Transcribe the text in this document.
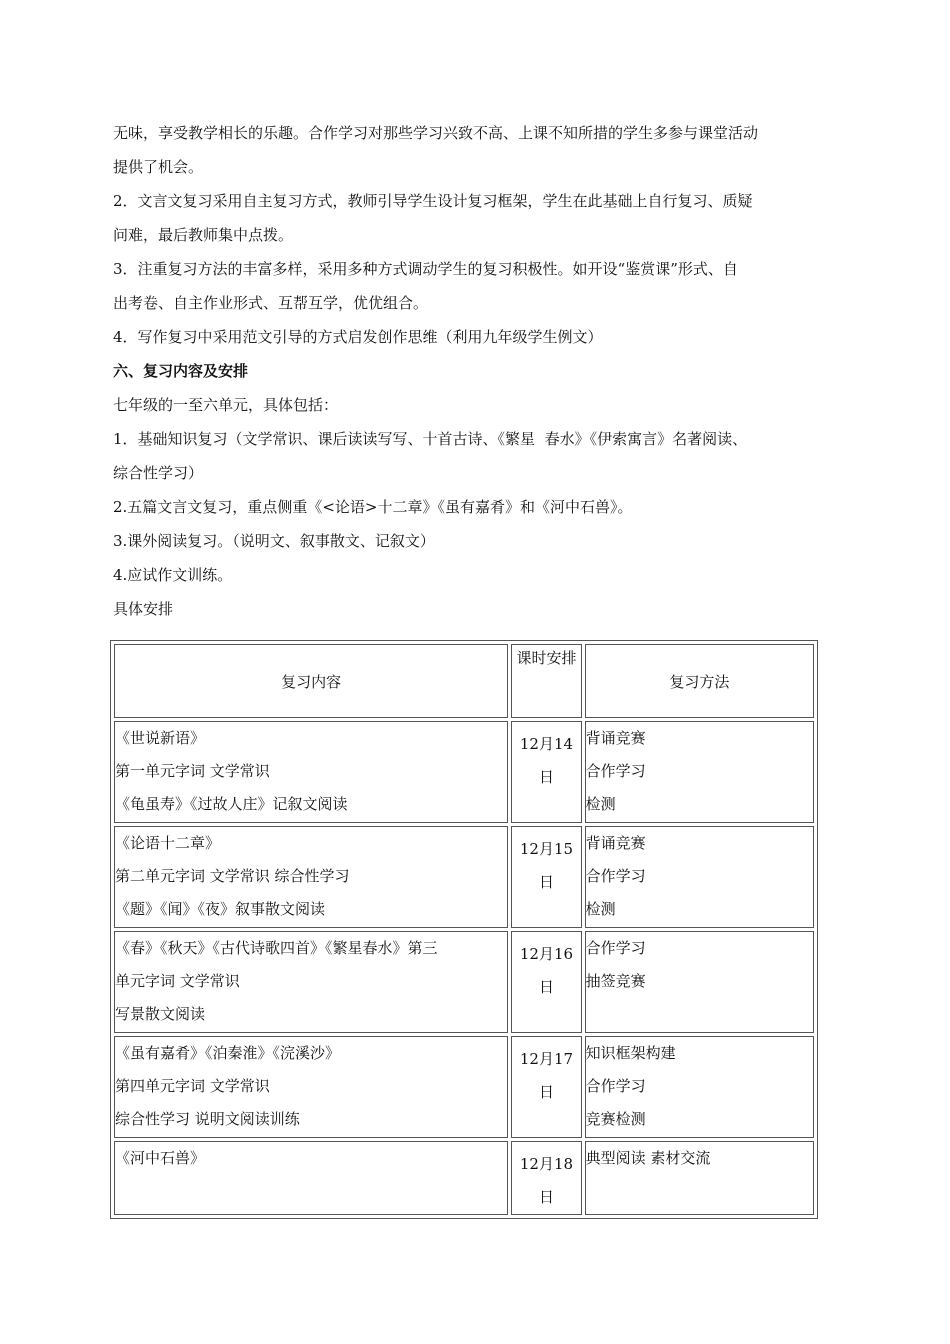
无味，享受教学相长的乐趣。合作学习对那些学习兴致不高、上课不知所措的学生多参与课堂活动

提供了机会。

2．文言文复习采用自主复习方式，教师引导学生设计复习框架，学生在此基础上自行复习、质疑

问难，最后教师集中点拨。

3．注重复习方法的丰富多样，采用多种方式调动学生的复习积极性。如开设“鉴赏课”形式、自

出考卷、自主作业形式、互帮互学，优优组合。

4．写作复习中采用范文引导的方式启发创作思维（利用九年级学生例文）

六、复习内容及安排

七年级的一至六单元，具体包括：

1．基础知识复习（文学常识、课后读读写写、十首古诗、《繁星  春水》《伊索寓言》名著阅读、

综合性学习）

2.五篇文言文复习，重点侧重《<论语>十二章》《虽有嘉肴》和《河中石兽》。

3.课外阅读复习。（说明文、叙事散文、记叙文）

4.应试作文训练。

具体安排

复习内容	课时安排	复习方法

《世说新语》
第一单元字词 文学常识
《龟虽寿》《过故人庄》记叙文阅读	12月14
日	背诵竞赛
合作学习
检测

《论语十二章》
第二单元字词 文学常识 综合性学习
《题》《闻》《夜》叙事散文阅读	12月15
日	背诵竞赛
合作学习
检测

《春》《秋天》《古代诗歌四首》《繁星春水》第三
单元字词 文学常识
写景散文阅读	12月16
日	合作学习
抽签竞赛

《虽有嘉肴》《泊秦淮》《浣溪沙》
第四单元字词 文学常识
综合性学习 说明文阅读训练	12月17
日	知识框架构建
合作学习
竞赛检测

《河中石兽》	12月18
日	典型阅读 素材交流
